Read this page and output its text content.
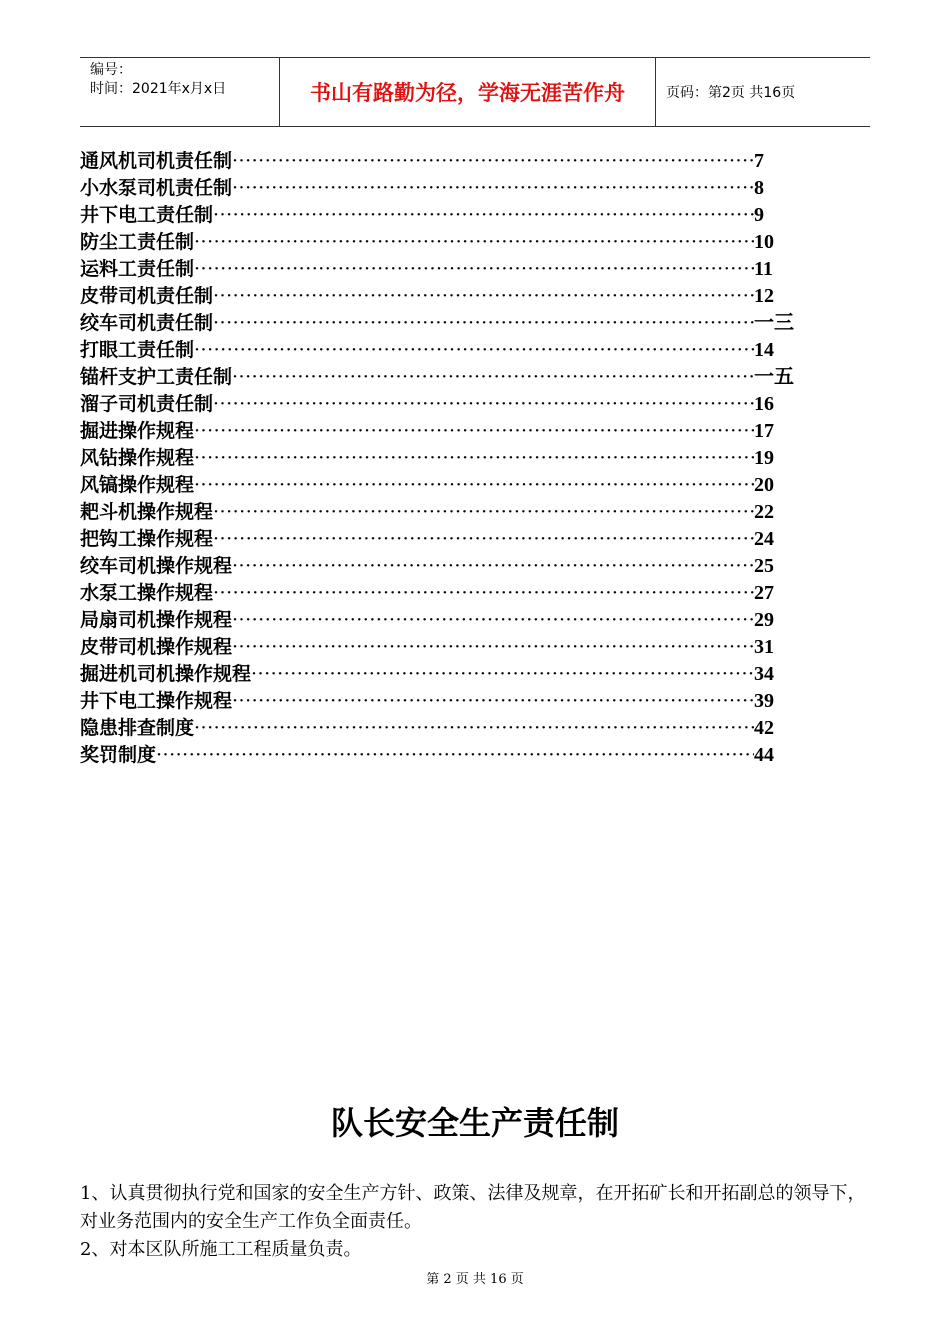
编号：
时间：2021年x月x日	书山有路勤为径，学海无涯苦作舟	页码：第2页 共16页
通风机司机责任制 ·····	7
小水泵司机责任制 ·····	8
井下电工责任制 ·····	9
防尘工责任制 ·····	10
运料工责任制 ·····	11
皮带司机责任制 ·····	12
绞车司机责任制 ·····	一三
打眼工责任制 ·····	14
锚杆支护工责任制 ·····	一五
溜子司机责任制 ·····	16
掘进操作规程 ·····	17
风钻操作规程 ·····	19
风镐操作规程 ·····	20
耙斗机操作规程 ·····	22
把钩工操作规程 ·····	24
绞车司机操作规程 ·····	25
水泵工操作规程 ·····	27
局扇司机操作规程 ·····	29
皮带司机操作规程 ·····	31
掘进机司机操作规程 ·····	34
井下电工操作规程 ·····	39
隐患排查制度 ·····	42
奖罚制度 ·····	44
队长安全生产责任制

1、认真贯彻执行党和国家的安全生产方针、政策、法律及规章，在开拓矿长和开拓副总的领导下，对业务范围内的安全生产工作负全面责任。

2、对本区队所施工工程质量负责。

第 2 页 共 16 页
